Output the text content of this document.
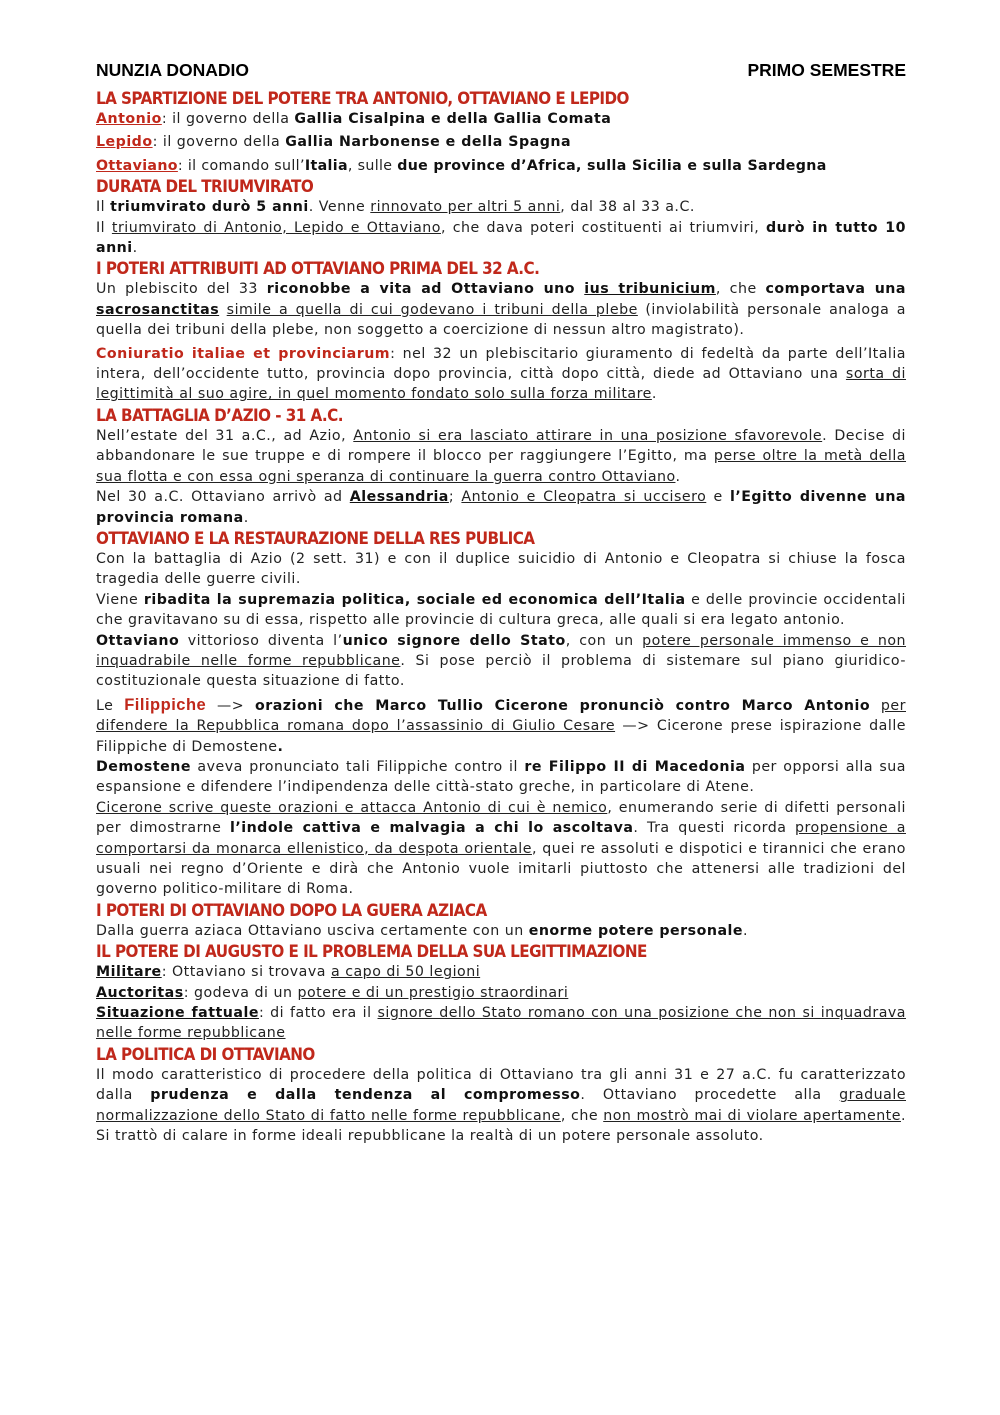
NUNZIA DONADIO	PRIMO SEMESTRE
LA SPARTIZIONE DEL POTERE TRA ANTONIO, OTTAVIANO E LEPIDO

Antonio: il governo della Gallia Cisalpina e della Gallia Comata

Lepido: il governo della Gallia Narbonense e della Spagna

Ottaviano: il comando sull’Italia, sulle due province d’Africa, sulla Sicilia e sulla Sardegna

DURATA DEL TRIUMVIRATO

Il triumvirato durò 5 anni. Venne rinnovato per altri 5 anni, dal 38 al 33 a.C.

Il triumvirato di Antonio, Lepido e Ottaviano, che dava poteri costituenti ai triumviri, durò in tutto 10 anni.

I POTERI ATTRIBUITI AD OTTAVIANO PRIMA DEL 32 A.C.

Un plebiscito del 33 riconobbe a vita ad Ottaviano uno ius tribunicium, che comportava una sacrosanctitas simile a quella di cui godevano i tribuni della plebe (inviolabilità personale analoga a quella dei tribuni della plebe, non soggetto a coercizione di nessun altro magistrato).

Coniuratio italiae et provinciarum: nel 32 un plebiscitario giuramento di fedeltà da parte dell’Italia intera, dell’occidente tutto, provincia dopo provincia, città dopo città, diede ad Ottaviano una sorta di legittimità al suo agire, in quel momento fondato solo sulla forza militare.

LA BATTAGLIA D’AZIO - 31 A.C.

Nell’estate del 31 a.C., ad Azio, Antonio si era lasciato attirare in una posizione sfavorevole. Decise di abbandonare le sue truppe e di rompere il blocco per raggiungere l’Egitto, ma perse oltre la metà della sua flotta e con essa ogni speranza di continuare la guerra contro Ottaviano.

Nel 30 a.C. Ottaviano arrivò ad Alessandria; Antonio e Cleopatra si uccisero e l’Egitto divenne una provincia romana.

OTTAVIANO E LA RESTAURAZIONE DELLA RES PUBLICA

Con la battaglia di Azio (2 sett. 31) e con il duplice suicidio di Antonio e Cleopatra si chiuse la fosca tragedia delle guerre civili.

Viene ribadita la supremazia politica, sociale ed economica dell’Italia e delle provincie occidentali che gravitavano su di essa, rispetto alle provincie di cultura greca, alle quali si era legato antonio.

Ottaviano vittorioso diventa l’unico signore dello Stato, con un potere personale immenso e non inquadrabile nelle forme repubblicane. Si pose perciò il problema di sistemare sul piano giuridico-costituzionale questa situazione di fatto.

Le Filippiche —> orazioni che Marco Tullio Cicerone pronunciò contro Marco Antonio per difendere la Repubblica romana dopo l’assassinio di Giulio Cesare —> Cicerone prese ispirazione dalle Filippiche di Demostene.

Demostene aveva pronunciato tali Filippiche contro il re Filippo II di Macedonia per opporsi alla sua espansione e difendere l’indipendenza delle città-stato greche, in particolare di Atene.

Cicerone scrive queste orazioni e attacca Antonio di cui è nemico, enumerando serie di difetti personali per dimostrarne l’indole cattiva e malvagia a chi lo ascoltava. Tra questi ricorda propensione a comportarsi da monarca ellenistico, da despota orientale, quei re assoluti e dispotici e tirannici che erano usuali nei regno d’Oriente e dirà che Antonio vuole imitarli piuttosto che attenersi alle tradizioni del governo politico-militare di Roma.

I POTERI DI OTTAVIANO DOPO LA GUERA AZIACA

Dalla guerra aziaca Ottaviano usciva certamente con un enorme potere personale.

IL POTERE DI AUGUSTO E IL PROBLEMA DELLA SUA LEGITTIMAZIONE

Militare: Ottaviano si trovava a capo di 50 legioni

Auctoritas: godeva di un potere e di un prestigio straordinari

Situazione fattuale: di fatto era il signore dello Stato romano con una posizione che non si inquadrava nelle forme repubblicane

LA POLITICA DI OTTAVIANO

Il modo caratteristico di procedere della politica di Ottaviano tra gli anni 31 e 27 a.C. fu caratterizzato dalla prudenza e dalla tendenza al compromesso. Ottaviano procedette alla graduale normalizzazione dello Stato di fatto nelle forme repubblicane, che non mostrò mai di violare apertamente. Si trattò di calare in forme ideali repubblicane la realtà di un potere personale assoluto.
